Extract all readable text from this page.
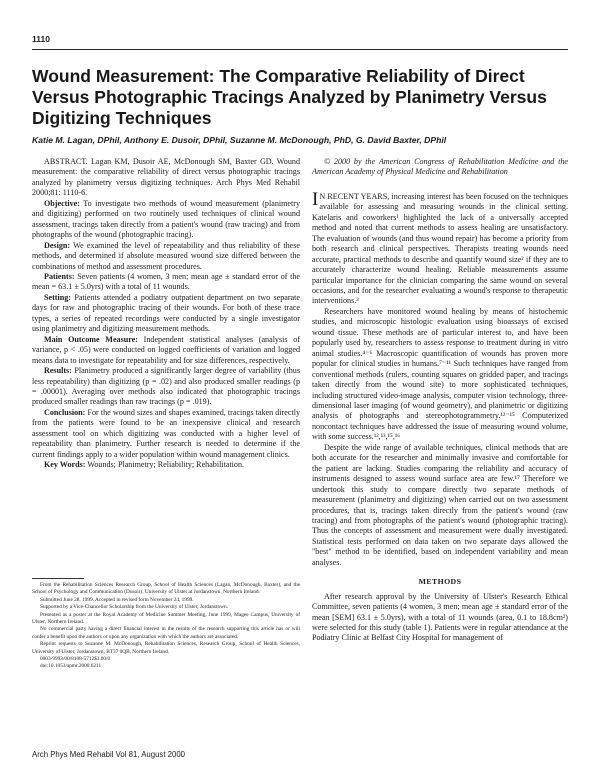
1110
Wound Measurement: The Comparative Reliability of Direct Versus Photographic Tracings Analyzed by Planimetry Versus Digitizing Techniques
Katie M. Lagan, DPhil, Anthony E. Dusoir, DPhil, Suzanne M. McDonough, PhD, G. David Baxter, DPhil

ABSTRACT. Lagan KM, Dusoir AE, McDonough SM, Baxter GD. Wound measurement: the comparative reliability of direct versus photographic tracings analyzed by planimetry versus digitizing techniques. Arch Phys Med Rehabil 2000;81: 1110-6.

Objective: To investigate two methods of wound measurement (planimetry and digitizing) performed on two routinely used techniques of clinical wound assessment, tracings taken directly from a patient's wound (raw tracing) and from photographs of the wound (photographic tracing).

Design: We examined the level of repeatability and thus reliability of these methods, and determined if absolute measured wound size differed between the combinations of method and assessment procedures.

Patients: Seven patients (4 women, 3 men; mean age ± standard error of the mean = 63.1 ± 5.0yrs) with a total of 11 wounds.

Setting: Patients attended a podiatry outpatient department on two separate days for raw and photographic tracing of their wounds. For both of these trace types, a series of repeated recordings were conducted by a single investigator using planimetry and digitizing measurement methods.

Main Outcome Measure: Independent statistical analyses (analysis of variance, p < .05) were conducted on logged coefficients of variation and logged means data to investigate for repeatability and for size differences, respectively.

Results: Planimetry produced a significantly larger degree of variability (thus less repeatability) than digitizing (p = .02) and also produced smaller readings (p = .00001). Averaging over methods also indicated that photographic tracings produced smaller readings than raw tracings (p = .019).

Conclusion: For the wound sizes and shapes examined, tracings taken directly from the patients were found to be an inexpensive clinical and research assessment tool on which digitizing was conducted with a higher level of repeatability than planimetry. Further research is needed to determine if the current findings apply to a wider population within wound management clinics.

Key Words: Wounds; Planimetry; Reliability; Rehabilitation.

From the Rehabilitation Sciences Research Group, School of Health Sciences (Lagan, McDonough, Baxter), and the School of Psychology and Communication (Dusoir), University of Ulster at Jordanstown, Northern Ireland.

Submitted June 28, 1999. Accepted in revised form November 24, 1999.

Supported by a Vice-Chancellor Scholarship from the University of Ulster, Jordanstown.

Presented as a poster at the Royal Academy of Medicine Summer Meeting, June 1999, Magee Campus, University of Ulster, Northern Ireland.

No commercial party having a direct financial interest in the results of the research supporting this article has or will confer a benefit upon the authors or upon any organization with which the authors are associated.

Reprint requests to Suzanne M. McDonough, Rehabilitation Sciences, Research Group, School of Health Sciences, University of Ulster, Jordanstown, BT37 0QB, Northern Ireland.

0003-9993/00/8108-5712$3.00/0

doi:10.1053/apmr.2000.6211

© 2000 by the American Congress of Rehabilitation Medicine and the American Academy of Physical Medicine and Rehabilitation

I N RECENT YEARS, increasing interest has been focused on the techniques available for assessing and measuring wounds in the clinical setting. Katelaris and coworkers¹ highlighted the lack of a universally accepted method and noted that current methods to assess healing are unsatisfactory. The evaluation of wounds (and thus wound repair) has become a priority from both research and clinical perspectives. Therapists treating wounds need accurate, practical methods to describe and quantify wound size² if they are to accurately characterize wound healing. Reliable measurements assume particular importance for the clinician comparing the same wound on several occasions, and for the researcher evaluating a wound's response to therapeutic interventions.³

Researchers have monitored wound healing by means of histochemic studies, and microscopic histologic evaluation using bioassays of excised wound tissue. These methods are of particular interest to, and have been popularly used by, researchers to assess response to treatment during in vitro animal studies.⁴⁻⁶ Macroscopic quantification of wounds has proven more popular for clinical studies in humans.⁷⁻¹¹ Such techniques have ranged from conventional methods (rulers, counting squares on gridded paper, and tracings taken directly from the wound site) to more sophisticated techniques, including structured video-image analysis, computer vision technology, three-dimensional laser imaging (of wound geometry), and planimetric or digitizing analysis of photographs and stereophotogrammetry.¹²⁻¹⁵ Computerized noncontact techniques have addressed the issue of measuring wound volume, with some success.¹²,¹³,¹⁵,¹⁶

Despite the wide range of available techniques, clinical methods that are both accurate for the researcher and minimally invasive and comfortable for the patient are lacking. Studies comparing the reliability and accuracy of instruments designed to assess wound surface area are few.¹⁷ Therefore we undertook this study to compare directly two separate methods of measurement (planimetry and digitizing) when carried out on two assessment procedures, that is, tracings taken directly from the patient's wound (raw tracing) and from photographs of the patient's wound (photographic tracing). Thus the concepts of assessment and measurement were dually investigated. Statistical tests performed on data taken on two separate days allowed the "best" method to be identified, based on independent variability and mean analyses.

METHODS

After research approval by the University of Ulster's Research Ethical Committee, seven patients (4 women, 3 men; mean age ± standard error of the mean [SEM] 63.1 ± 5.0yrs), with a total of 11 wounds (area, 0.1 to 18.8cm²) were selected for this study (table 1). Patients were in regular attendance at the Podiatry Clinic at Belfast City Hospital for management of

Arch Phys Med Rehabil Vol 81, August 2000
